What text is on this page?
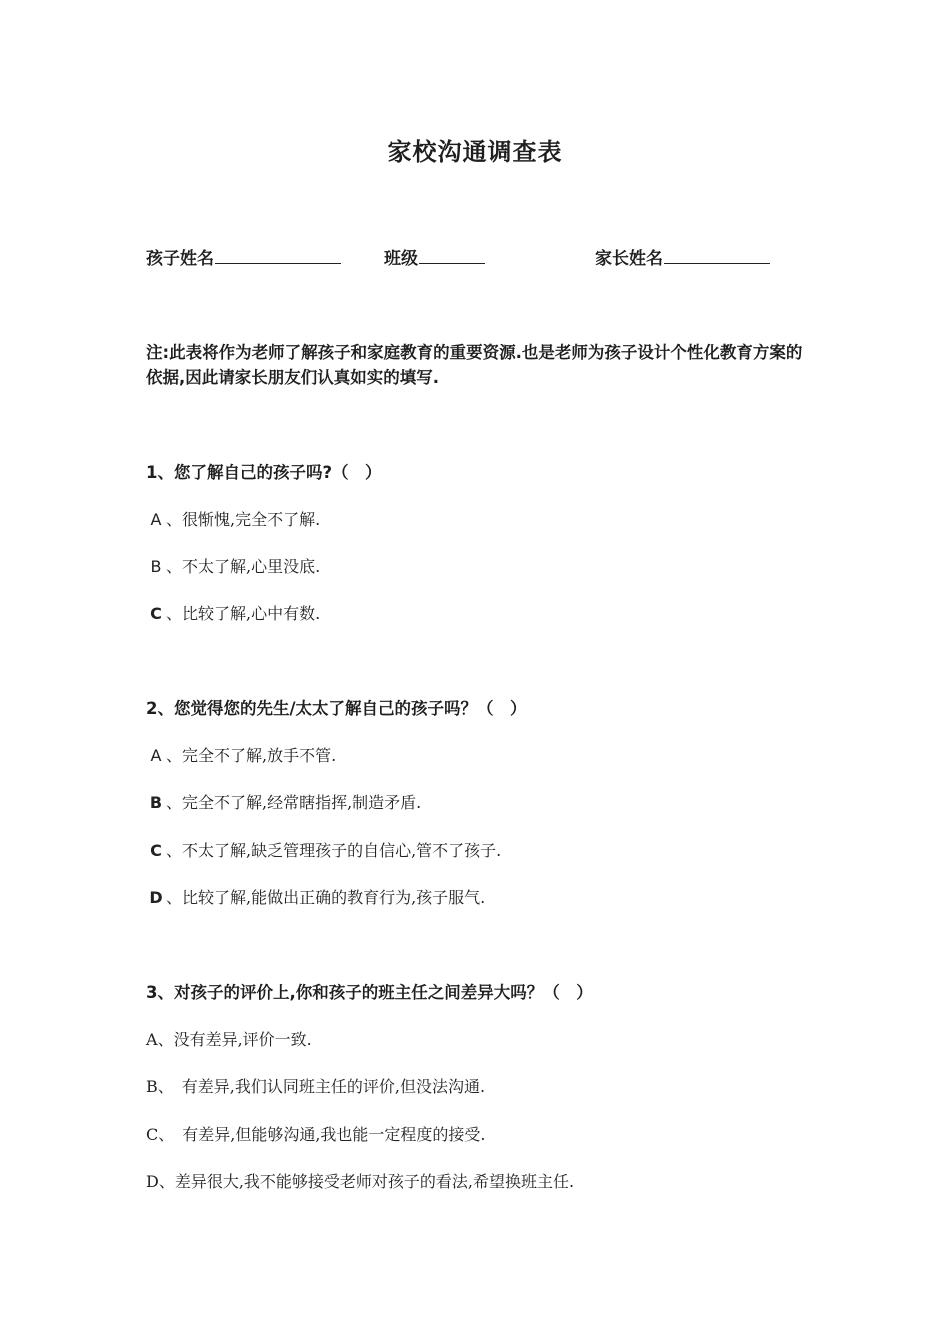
家校沟通调查表
孩子姓名	班级	家长姓名
注:此表将作为老师了解孩子和家庭教育的重要资源.也是老师为孩子设计个性化教育方案的依据,因此请家长朋友们认真如实的填写.
1、您了解自己的孩子吗?（　）
A 、很惭愧,完全不了解.
B 、不太了解,心里没底.
C 、比较了解,心中有数.
2、您觉得您的先生/太太了解自己的孩子吗？（　）
A 、完全不了解,放手不管.
B 、完全不了解,经常瞎指挥,制造矛盾.
C 、不太了解,缺乏管理孩子的自信心,管不了孩子.
D 、比较了解,能做出正确的教育行为,孩子服气.
3、对孩子的评价上,你和孩子的班主任之间差异大吗？（　）
A、没有差异,评价一致.
B、　有差异,我们认同班主任的评价,但没法沟通.
C、　有差异,但能够沟通,我也能一定程度的接受.
D、差异很大,我不能够接受老师对孩子的看法,希望换班主任.
